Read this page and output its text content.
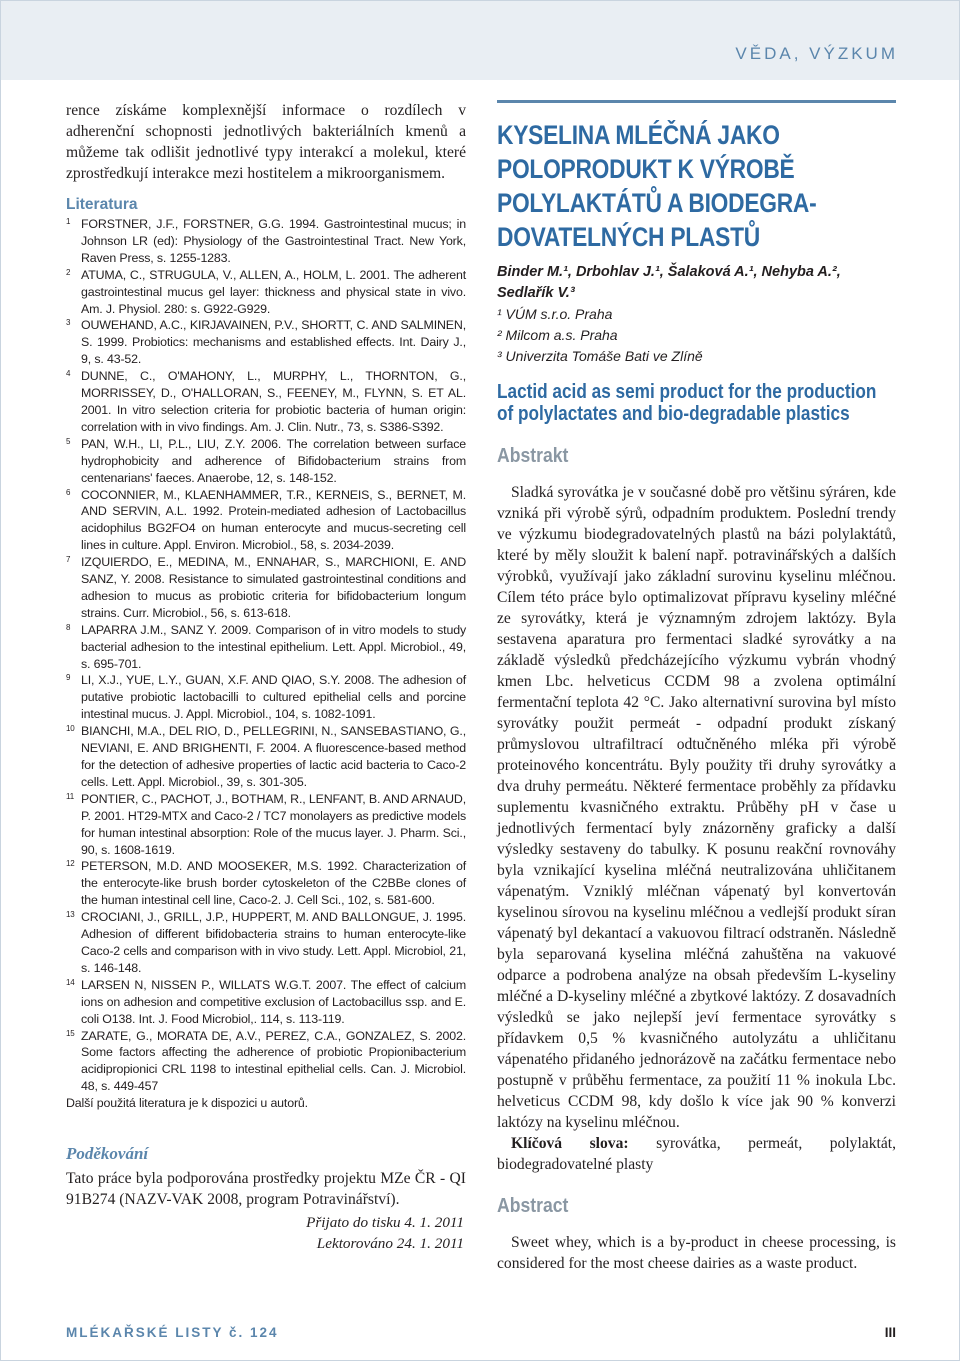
VĚDA, VÝZKUM

rence získáme komplexnější informace o rozdílech v adherenční schopnosti jednotlivých bakteriálních kmenů a můžeme tak odlišit jednotlivé typy interakcí a molekul, které zprostředkují interakce mezi hostitelem a mikroorganismem.

Literatura
1 FORSTNER, J.F., FORSTNER, G.G. 1994. Gastrointestinal mucus; in Johnson LR (ed): Physiology of the Gastrointestinal Tract. New York, Raven Press, s. 1255-1283.
2 ATUMA, C., STRUGULA, V., ALLEN, A., HOLM, L. 2001. The adherent gastrointestinal mucus gel layer: thickness and physical state in vivo. Am. J. Physiol. 280: s. G922-G929.
3 OUWEHAND, A.C., KIRJAVAINEN, P.V., SHORTT, C. AND SALMINEN, S. 1999. Probiotics: mechanisms and established effects. Int. Dairy J., 9, s. 43-52.
4 DUNNE, C., O'MAHONY, L., MURPHY, L., THORNTON, G., MORRISSEY, D., O'HALLORAN, S., FEENEY, M., FLYNN, S. ET AL. 2001. In vitro selection criteria for probiotic bacteria of human origin: correlation with in vivo findings. Am. J. Clin. Nutr., 73, s. S386-S392.
5 PAN, W.H., LI, P.L., LIU, Z.Y. 2006. The correlation between surface hydrophobicity and adherence of Bifidobacterium strains from centenarians' faeces. Anaerobe, 12, s. 148-152.
6 COCONNIER, M., KLAENHAMMER, T.R., KERNEIS, S., BERNET, M. AND SERVIN, A.L. 1992. Protein-mediated adhesion of Lactobacillus acidophilus BG2FO4 on human enterocyte and mucus-secreting cell lines in culture. Appl. Environ. Microbiol., 58, s. 2034-2039.
7 IZQUIERDO, E., MEDINA, M., ENNAHAR, S., MARCHIONI, E. AND SANZ, Y. 2008. Resistance to simulated gastrointestinal conditions and adhesion to mucus as probiotic criteria for bifidobacterium longum strains. Curr. Microbiol., 56, s. 613-618.
8 LAPARRA J.M., SANZ Y. 2009. Comparison of in vitro models to study bacterial adhesion to the intestinal epithelium. Lett. Appl. Microbiol., 49, s. 695-701.
9 LI, X.J., YUE, L.Y., GUAN, X.F. AND QIAO, S.Y. 2008. The adhesion of putative probiotic lactobacilli to cultured epithelial cells and porcine intestinal mucus. J. Appl. Microbiol., 104, s. 1082-1091.
10 BIANCHI, M.A., DEL RIO, D., PELLEGRINI, N., SANSEBASTIANO, G., NEVIANI, E. AND BRIGHENTI, F. 2004. A fluorescence-based method for the detection of adhesive properties of lactic acid bacteria to Caco-2 cells. Lett. Appl. Microbiol., 39, s. 301-305.
11 PONTIER, C., PACHOT, J., BOTHAM, R., LENFANT, B. AND ARNAUD, P. 2001. HT29-MTX and Caco-2 / TC7 monolayers as predictive models for human intestinal absorption: Role of the mucus layer. J. Pharm. Sci., 90, s. 1608-1619.
12 PETERSON, M.D. AND MOOSEKER, M.S. 1992. Characterization of the enterocyte-like brush border cytoskeleton of the C2BBe clones of the human intestinal cell line, Caco-2. J. Cell Sci., 102, s. 581-600.
13 CROCIANI, J., GRILL, J.P., HUPPERT, M. AND BALLONGUE, J. 1995. Adhesion of different bifidobacteria strains to human enterocyte-like Caco-2 cells and comparison with in vivo study. Lett. Appl. Microbiol, 21, s. 146-148.
14 LARSEN N, NISSEN P., WILLATS W.G.T. 2007. The effect of calcium ions on adhesion and competitive exclusion of Lactobacillus ssp. and E. coli O138. Int. J. Food Microbiol,. 114, s. 113-119.
15 ZARATE, G., MORATA DE, A.V., PEREZ, C.A., GONZALEZ, S. 2002. Some factors affecting the adherence of probiotic Propionibacterium acidipropionici CRL 1198 to intestinal epithelial cells. Can. J. Microbiol. 48, s. 449-457
Další použitá literatura je k dispozici u autorů.
Poděkování

Tato práce byla podporována prostředky projektu MZe ČR - QI 91B274 (NAZV-VAK 2008, program Potravinářství).

Přijato do tisku 4. 1. 2011
Lektorováno 24. 1. 2011
KYSELINA MLÉČNÁ JAKO
POLOPRODUKT K VÝROBĚ
POLYLAKTÁTŮ A BIODEGRA-
DOVATELNÝCH PLASTŮ
Binder M.¹, Drbohlav J.¹, Šalaková A.¹, Nehyba A.²,
Sedlařík V.³
¹ VÚM s.r.o. Praha
² Milcom a.s. Praha
³ Univerzita Tomáše Bati ve Zlíně
Lactid acid as semi product for the production of polylactates and bio-degradable plastics
Abstrakt

Sladká syrovátka je v současné době pro většinu sýráren, kde vzniká při výrobě sýrů, odpadním produktem. Poslední trendy ve výzkumu biodegradovatelných plastů na bázi polylaktátů, které by měly sloužit k balení např. potravinářských a dalších výrobků, využívají jako základní surovinu kyselinu mléčnou. Cílem této práce bylo optimalizovat přípravu kyseliny mléčné ze syrovátky, která je významným zdrojem laktózy. Byla sestavena aparatura pro fermentaci sladké syrovátky a na základě výsledků předcházejícího výzkumu vybrán vhodný kmen Lbc. helveticus CCDM 98 a zvolena optimální fermentační teplota 42 °C. Jako alternativní surovina byl místo syrovátky použit permeát - odpadní produkt získaný průmyslovou ultrafiltrací odtučněného mléka při výrobě proteinového koncentrátu. Byly použity tři druhy syrovátky a dva druhy permeátu. Některé fermentace proběhly za přídavku suplementu kvasničného extraktu. Průběhy pH v čase u jednotlivých fermentací byly znázorněny graficky a další výsledky sestaveny do tabulky. K posunu reakční rovnováhy byla vznikající kyselina mléčná neutralizována uhličitanem vápenatým. Vzniklý mléčnan vápenatý byl konvertován kyselinou sírovou na kyselinu mléčnou a vedlejší produkt síran vápenatý byl dekantací a vakuovou filtrací odstraněn. Následně byla separovaná kyselina mléčná zahuštěna na vakuové odparce a podrobena analýze na obsah především L-kyseliny mléčné a D-kyseliny mléčné a zbytkové laktózy. Z dosavadních výsledků se jako nejlepší jeví fermentace syrovátky s přídavkem 0,5 % kvasničného autolyzátu a uhličitanu vápenatého přidaného jednorázově na začátku fermentace nebo postupně v průběhu fermentace, za použití 11 % inokula Lbc. helveticus CCDM 98, kdy došlo k více jak 90 % konverzi laktózy na kyselinu mléčnou.

Klíčová slova: syrovátka, permeát, polylaktát, biodegradovatelné plasty

Abstract

Sweet whey, which is a by-product in cheese processing, is considered for the most cheese dairies as a waste product.

MLÉKAŘSKÉ LISTY č. 124	III
